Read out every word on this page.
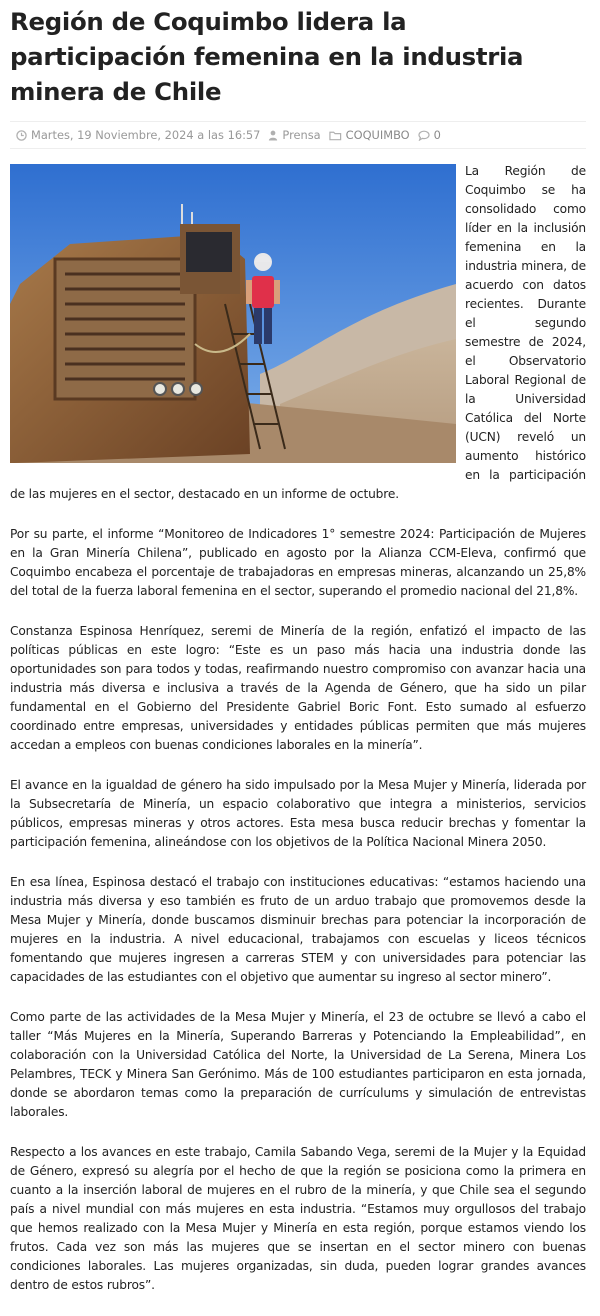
Región de Coquimbo lidera la participación femenina en la industria minera de Chile
Martes, 19 Noviembre, 2024 a las 16:57 Prensa COQUIMBO 0

La Región de Coquimbo se ha consolidado como líder en la inclusión femenina en la industria minera, de acuerdo con datos recientes. Durante el segundo semestre de 2024, el Observatorio Laboral Regional de la Universidad Católica del Norte (UCN) reveló un aumento histórico en la participación de las mujeres en el sector, destacado en un informe de octubre.

Por su parte, el informe “Monitoreo de Indicadores 1° semestre 2024: Participación de Mujeres en la Gran Minería Chilena”, publicado en agosto por la Alianza CCM-Eleva, confirmó que Coquimbo encabeza el porcentaje de trabajadoras en empresas mineras, alcanzando un 25,8% del total de la fuerza laboral femenina en el sector, superando el promedio nacional del 21,8%.

Constanza Espinosa Henríquez, seremi de Minería de la región, enfatizó el impacto de las políticas públicas en este logro: “Este es un paso más hacia una industria donde las oportunidades son para todos y todas, reafirmando nuestro compromiso con avanzar hacia una industria más diversa e inclusiva a través de la Agenda de Género, que ha sido un pilar fundamental en el Gobierno del Presidente Gabriel Boric Font. Esto sumado al esfuerzo coordinado entre empresas, universidades y entidades públicas permiten que más mujeres accedan a empleos con buenas condiciones laborales en la minería”.

El avance en la igualdad de género ha sido impulsado por la Mesa Mujer y Minería, liderada por la Subsecretaría de Minería, un espacio colaborativo que integra a ministerios, servicios públicos, empresas mineras y otros actores. Esta mesa busca reducir brechas y fomentar la participación femenina, alineándose con los objetivos de la Política Nacional Minera 2050.

En esa línea, Espinosa destacó el trabajo con instituciones educativas: “estamos haciendo una industria más diversa y eso también es fruto de un arduo trabajo que promovemos desde la Mesa Mujer y Minería, donde buscamos disminuir brechas para potenciar la incorporación de mujeres en la industria. A nivel educacional, trabajamos con escuelas y liceos técnicos fomentando que mujeres ingresen a carreras STEM y con universidades para potenciar las capacidades de las estudiantes con el objetivo que aumentar su ingreso al sector minero”.

Como parte de las actividades de la Mesa Mujer y Minería, el 23 de octubre se llevó a cabo el taller “Más Mujeres en la Minería, Superando Barreras y Potenciando la Empleabilidad”, en colaboración con la Universidad Católica del Norte, la Universidad de La Serena, Minera Los Pelambres, TECK y Minera San Gerónimo. Más de 100 estudiantes participaron en esta jornada, donde se abordaron temas como la preparación de currículums y simulación de entrevistas laborales.

Respecto a los avances en este trabajo, Camila Sabando Vega, seremi de la Mujer y la Equidad de Género, expresó su alegría por el hecho de que la región se posiciona como la primera en cuanto a la inserción laboral de mujeres en el rubro de la minería, y que Chile sea el segundo país a nivel mundial con más mujeres en esta industria. “Estamos muy orgullosos del trabajo que hemos realizado con la Mesa Mujer y Minería en esta región, porque estamos viendo los frutos. Cada vez son más las mujeres que se insertan en el sector minero con buenas condiciones laborales. Las mujeres organizadas, sin duda, pueden lograr grandes avances dentro de estos rubros”.
